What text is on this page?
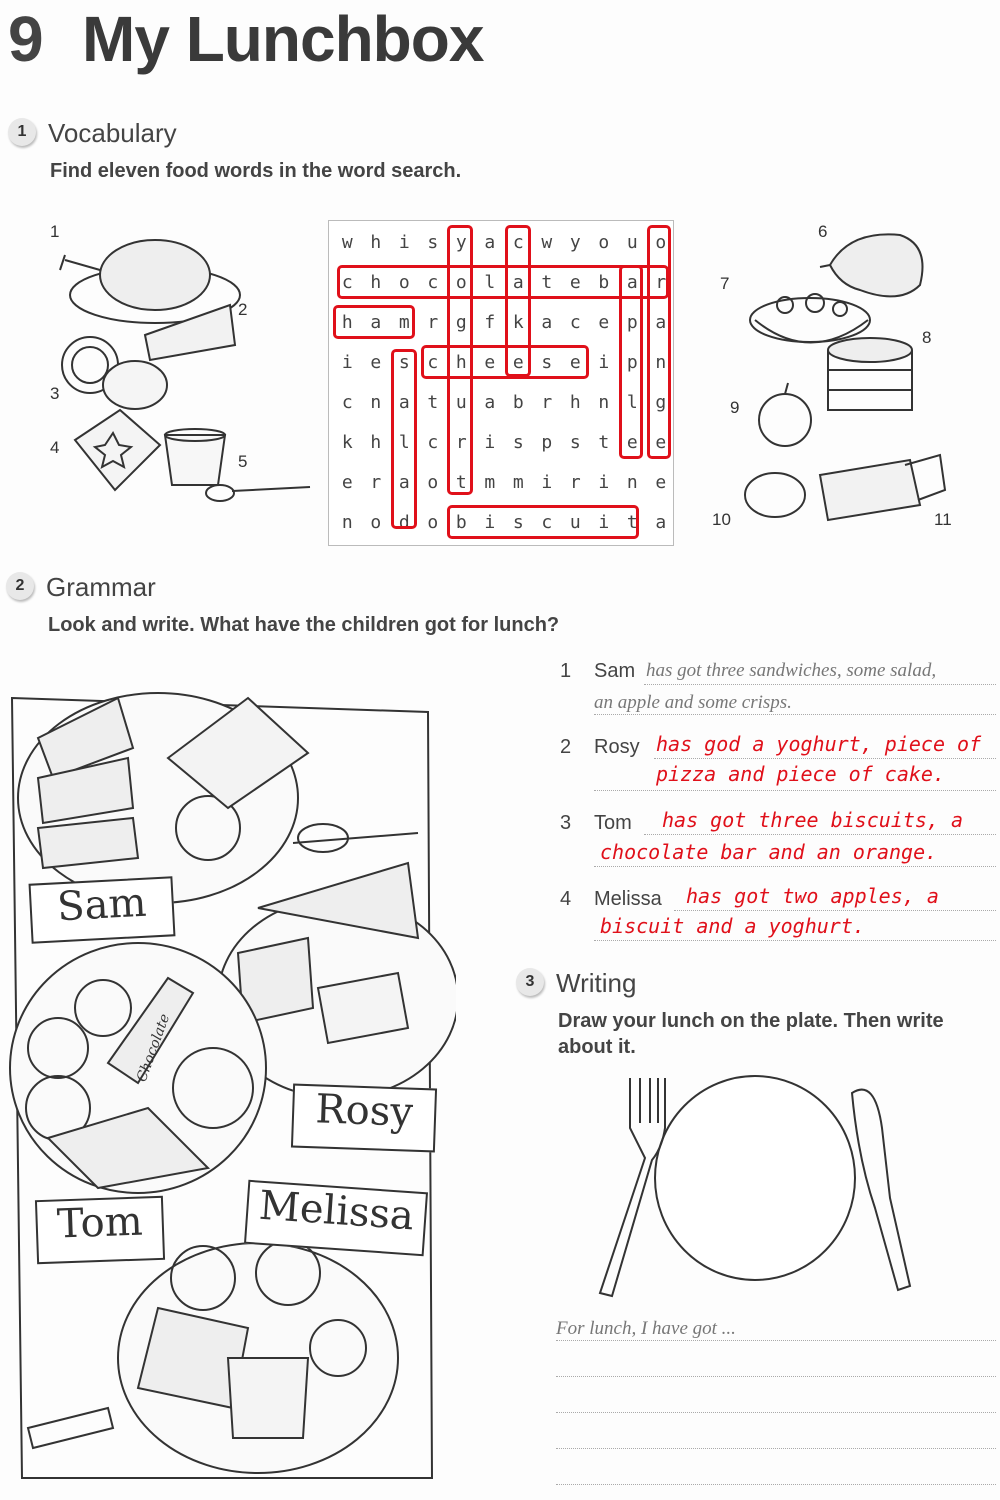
9 My Lunchbox
1 Vocabulary
Find eleven food words in the word search.
1
2
3
4
5
w h i s y a c w y o u o
c h o c o l a t e b a r
h a m r g f k a c e p a
i e s c h e e s e i p n
c n a t u a b r h n l g
k h l c r i s p s t e e
e r a o t m m i r i n e
n o d o b i s c u i t a
6
7
8
9
10	11
2 Grammar
Look and write. What have the children got for lunch?
Sam
Rosy
Tom	Melissa
Chocolate
1 Sam has got three sandwiches, some salad,
an apple and some crisps.
2 Rosy has god a yoghurt, piece of
pizza and piece of cake.
3 Tom has got three biscuits, a
chocolate bar and an orange.
4 Melissa has got two apples, a
biscuit and a yoghurt.
3 Writing
Draw your lunch on the plate. Then write
about it.
For lunch, I have got ...
